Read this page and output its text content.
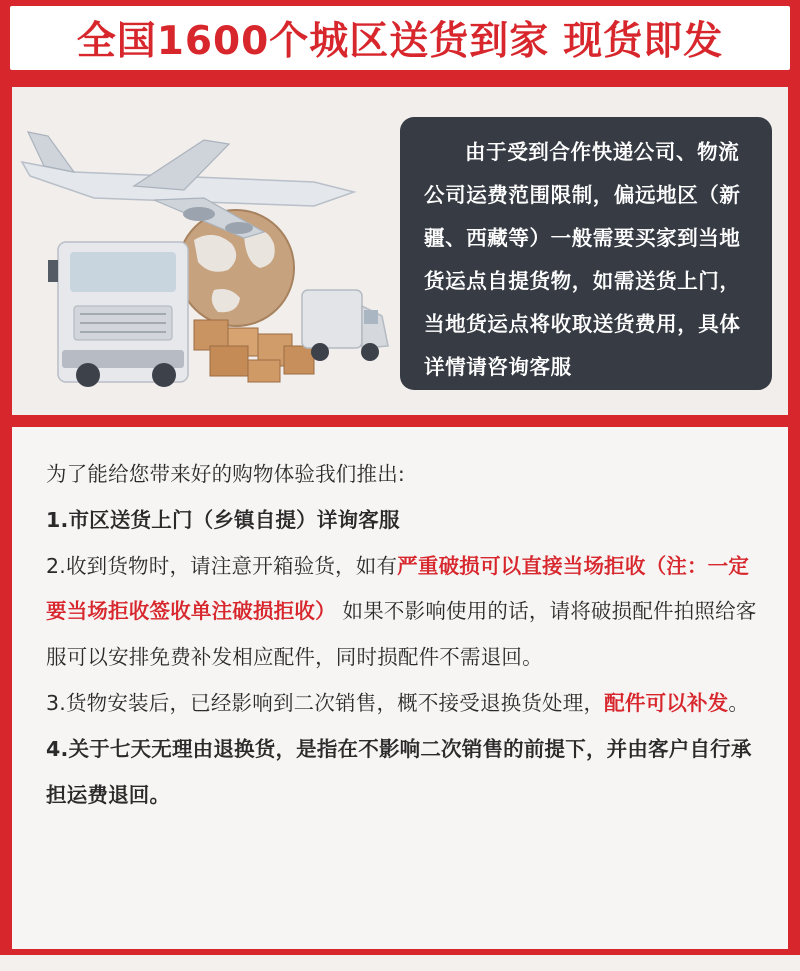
全国1600个城区送货到家 现货即发
由于受到合作快递公司、物流公司运费范围限制，偏远地区（新疆、西藏等）一般需要买家到当地货运点自提货物，如需送货上门，当地货运点将收取送货费用，具体详情请咨询客服

为了能给您带来好的购物体验我们推出:

1.市区送货上门（乡镇自提）详询客服

2.收到货物时，请注意开箱验货，如有严重破损可以直接当场拒收（注：一定要当场拒收签收单注破损拒收） 如果不影响使用的话，请将破损配件拍照给客服可以安排免费补发相应配件，同时损配件不需退回。

3.货物安装后，已经影响到二次销售，概不接受退换货处理，配件可以补发。

4.关于七天无理由退换货，是指在不影响二次销售的前提下，并由客户自行承担运费退回。
